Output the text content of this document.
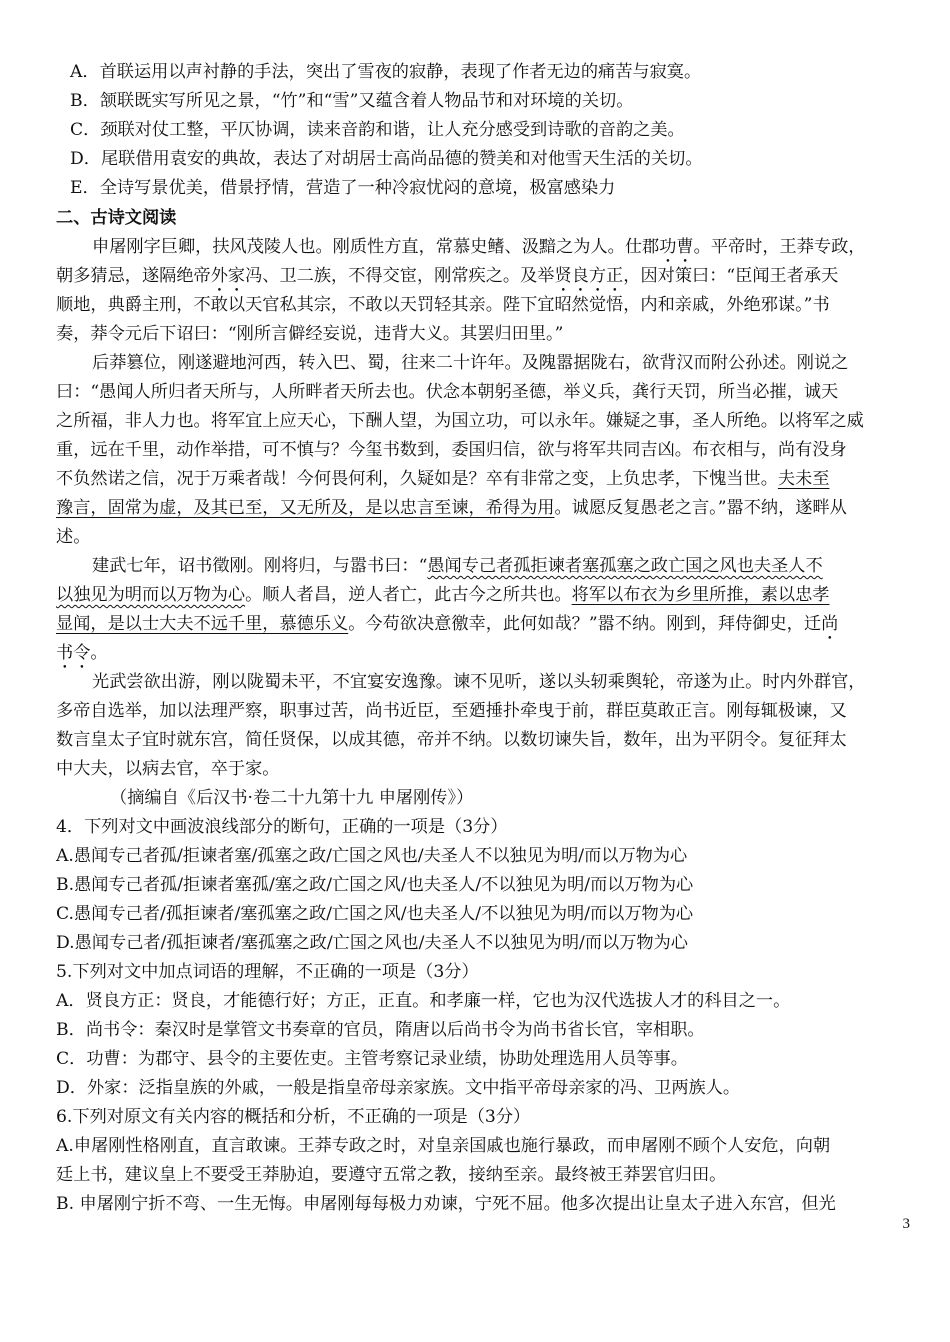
A．首联运用以声衬静的手法，突出了雪夜的寂静，表现了作者无边的痛苦与寂寞。
B．颔联既实写所见之景，“竹”和“雪”又蕴含着人物品节和对环境的关切。
C．颈联对仗工整，平仄协调，读来音韵和谐，让人充分感受到诗歌的音韵之美。
D．尾联借用袁安的典故，表达了对胡居士高尚品德的赞美和对他雪天生活的关切。
E．全诗写景优美，借景抒情，营造了一种冷寂忧闷的意境，极富感染力
二、古诗文阅读
申屠刚字巨卿，扶风茂陵人也。刚质性方直，常慕史鳍、汲黯之为人。仕郡功曹。平帝时，王莽专政，
朝多猜忌，遂隔绝帝外家冯、卫二族，不得交宦，刚常疾之。及举贤良方正，因对策曰：“臣闻王者承天
顺地，典爵主刑，不敢以天官私其宗，不敢以天罚轻其亲。陛下宜昭然觉悟，内和亲戚，外绝邪谋。”书
奏，莽令元后下诏曰：“刚所言僻经妄说，违背大义。其罢归田里。”
后莽篡位，刚遂避地河西，转入巴、蜀，往来二十许年。及隗嚣据陇右，欲背汉而附公孙述。刚说之
曰：“愚闻人所归者天所与，人所畔者天所去也。伏念本朝躬圣德，举义兵，龚行天罚，所当必摧，诚天
之所福，非人力也。将军宜上应天心，下酬人望，为国立功，可以永年。嫌疑之事，圣人所绝。以将军之威
重，远在千里，动作举措，可不慎与？今玺书数到，委国归信，欲与将军共同吉凶。布衣相与，尚有没身
不负然诺之信，况于万乘者哉！今何畏何利，久疑如是？卒有非常之变，上负忠孝，下愧当世。夫未至
豫言，固常为虚，及其已至，又无所及，是以忠言至谏，希得为用。诚愿反复愚老之言。”嚣不纳，遂畔从
述。
建武七年，诏书徵刚。刚将归，与嚣书曰：“愚闻专己者孤拒谏者塞孤塞之政亡国之风也夫圣人不
以独见为明而以万物为心。顺人者昌，逆人者亡，此古今之所共也。将军以布衣为乡里所推，素以忠孝
显闻，是以士大夫不远千里，慕德乐义。今苟欲决意徼幸，此何如哉？”嚣不纳。刚到，拜侍御史，迁尚
书令。
光武尝欲出游，刚以陇蜀未平，不宜宴安逸豫。谏不见听，遂以头轫乘舆轮，帝遂为止。时内外群官，
多帝自选举，加以法理严察，职事过苦，尚书近臣，至廼捶扑牵曳于前，群臣莫敢正言。刚每辄极谏，又
数言皇太子宜时就东宫，简任贤保，以成其德，帝并不纳。以数切谏失旨，数年，出为平阴令。复征拜太
中大夫，以病去官，卒于家。
（摘编自《后汉书·卷二十九第十九 申屠刚传》）
4．下列对文中画波浪线部分的断句，正确的一项是（3分）
A.愚闻专己者孤/拒谏者塞/孤塞之政/亡国之风也/夫圣人不以独见为明/而以万物为心
B.愚闻专己者孤/拒谏者塞孤/塞之政/亡国之风/也夫圣人/不以独见为明/而以万物为心
C.愚闻专己者/孤拒谏者/塞孤塞之政/亡国之风/也夫圣人/不以独见为明/而以万物为心
D.愚闻专己者/孤拒谏者/塞孤塞之政/亡国之风也/夫圣人不以独见为明/而以万物为心
5.下列对文中加点词语的理解，不正确的一项是（3分）
A．贤良方正：贤良，才能德行好；方正，正直。和孝廉一样，它也为汉代选拔人才的科目之一。
B．尚书令：秦汉时是掌管文书奏章的官员，隋唐以后尚书令为尚书省长官，宰相职。
C．功曹：为郡守、县令的主要佐吏。主管考察记录业绩，协助处理选用人员等事。
D．外家：泛指皇族的外戚，一般是指皇帝母亲家族。文中指平帝母亲家的冯、卫两族人。
6.下列对原文有关内容的概括和分析，不正确的一项是（3分）
A.申屠刚性格刚直，直言敢谏。王莽专政之时，对皇亲国戚也施行暴政，而申屠刚不顾个人安危，向朝
廷上书，建议皇上不要受王莽胁迫，要遵守五常之教，接纳至亲。最终被王莽罢官归田。
B. 申屠刚宁折不弯、一生无悔。申屠刚每每极力劝谏，宁死不屈。他多次提出让皇太子进入东宫，但光
3
